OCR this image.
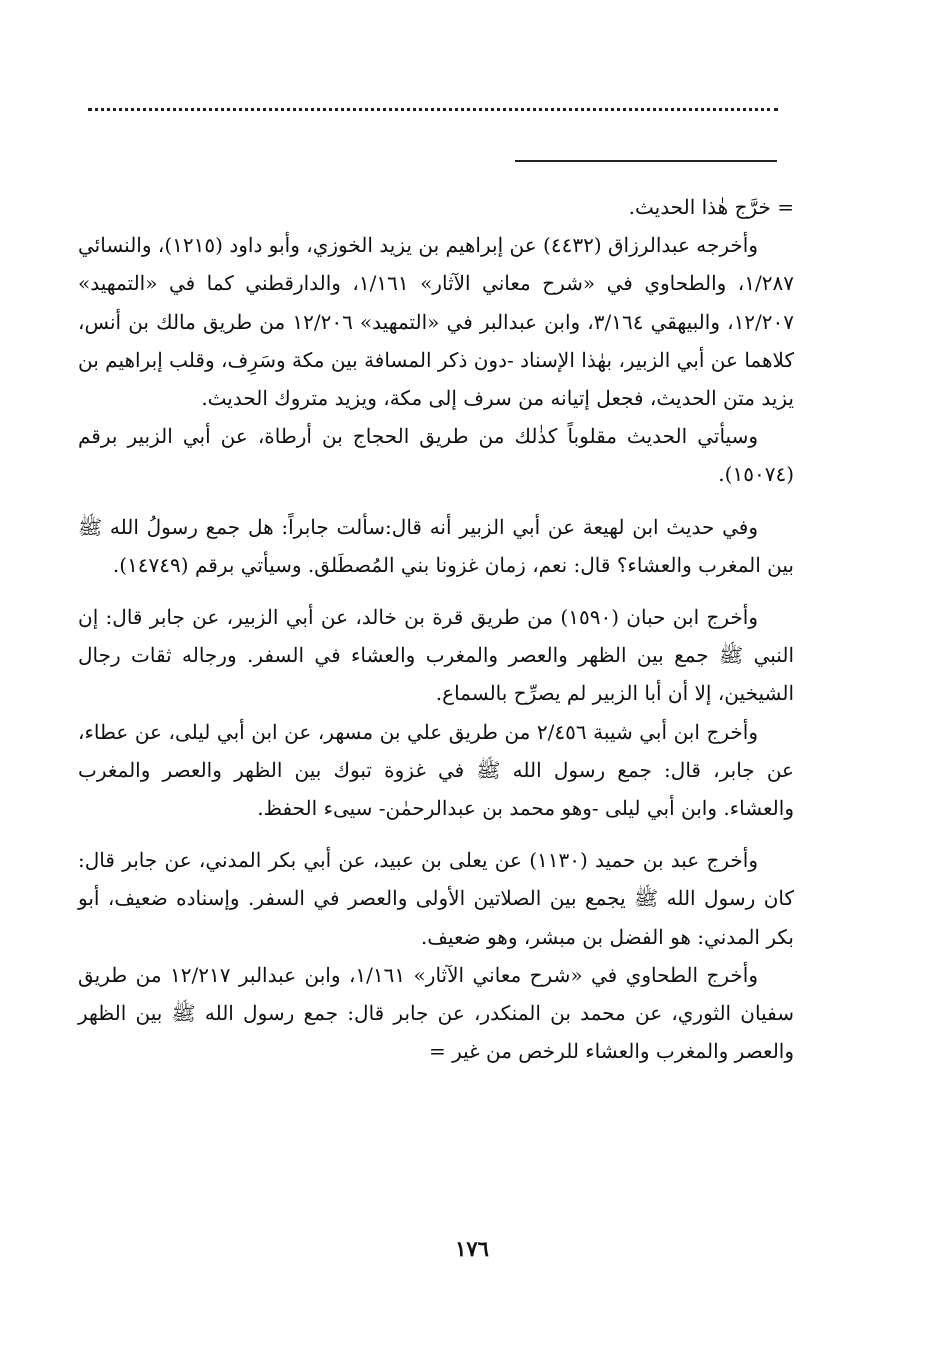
= خرَّج هٰذا الحديث.

وأخرجه عبدالرزاق (٤٤٣٢) عن إبراهيم بن يزيد الخوزي، وأبو داود (١٢١٥)، والنسائي ١/٢٨٧، والطحاوي في «شرح معاني الآثار» ١/١٦١، والدارقطني كما في «التمهيد» ١٢/٢٠٧، والبيهقي ٣/١٦٤، وابن عبدالبر في «التمهيد» ١٢/٢٠٦ من طريق مالك بن أنس، كلاهما عن أبي الزبير، بهٰذا الإسناد -دون ذكر المسافة بين مكة وسَرِف، وقلب إبراهيم بن يزيد متن الحديث، فجعل إتيانه من سرف إلى مكة، ويزيد متروك الحديث.

وسيأتي الحديث مقلوباً كذٰلك من طريق الحجاج بن أرطاة، عن أبي الزبير برقم (١٥٠٧٤).

وفي حديث ابن لهيعة عن أبي الزبير أنه قال:سألت جابراً: هل جمع رسولُ الله ﷺ بين المغرب والعشاء؟ قال: نعم، زمان غزونا بني المُصطَلق. وسيأتي برقم (١٤٧٤٩).

وأخرج ابن حبان (١٥٩٠) من طريق قرة بن خالد، عن أبي الزبير، عن جابر قال: إن النبي ﷺ جمع بين الظهر والعصر والمغرب والعشاء في السفر. ورجاله ثقات رجال الشيخين، إلا أن أبا الزبير لم يصرِّح بالسماع.

وأخرج ابن أبي شيبة ٢/٤٥٦ من طريق علي بن مسهر، عن ابن أبي ليلى، عن عطاء، عن جابر، قال: جمع رسول الله ﷺ في غزوة تبوك بين الظهر والعصر والمغرب والعشاء. وابن أبي ليلى -وهو محمد بن عبدالرحمٰن- سيىء الحفظ.

وأخرج عبد بن حميد (١١٣٠) عن يعلى بن عبيد، عن أبي بكر المدني، عن جابر قال: كان رسول الله ﷺ يجمع بين الصلاتين الأولى والعصر في السفر. وإسناده ضعيف، أبو بكر المدني: هو الفضل بن مبشر، وهو ضعيف.

وأخرج الطحاوي في «شرح معاني الآثار» ١/١٦١، وابن عبدالبر ١٢/٢١٧ من طريق سفيان الثوري، عن محمد بن المنكدر، عن جابر قال: جمع رسول الله ﷺ بين الظهر والعصر والمغرب والعشاء للرخص من غير =

١٧٦
